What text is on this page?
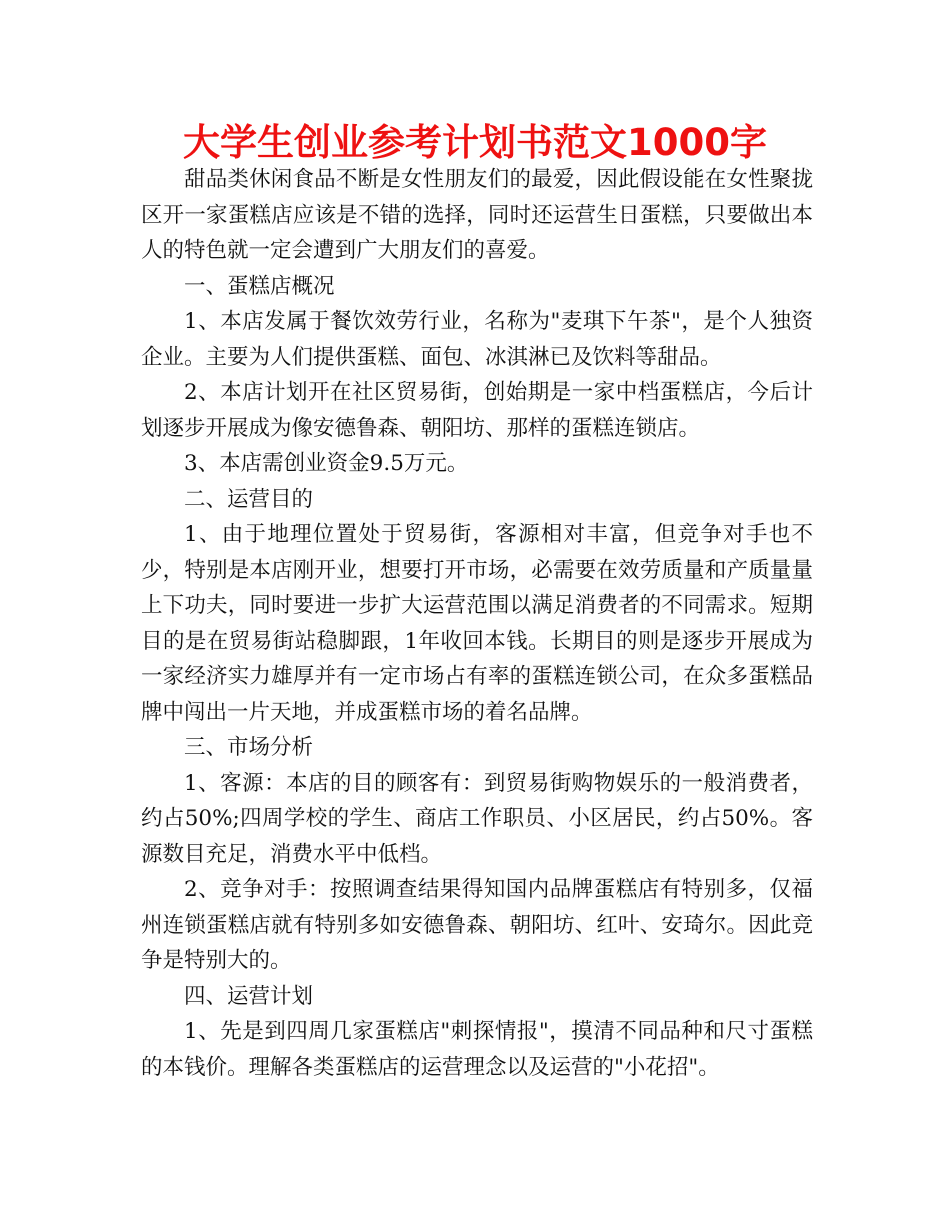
大学生创业参考计划书范文1000字

甜品类休闲食品不断是女性朋友们的最爱，因此假设能在女性聚拢区开一家蛋糕店应该是不错的选择，同时还运营生日蛋糕，只要做出本人的特色就一定会遭到广大朋友们的喜爱。

一、蛋糕店概况

1、本店发属于餐饮效劳行业，名称为"麦琪下午茶"，是个人独资企业。主要为人们提供蛋糕、面包、冰淇淋已及饮料等甜品。

2、本店计划开在社区贸易街，创始期是一家中档蛋糕店，今后计划逐步开展成为像安德鲁森、朝阳坊、那样的蛋糕连锁店。

3、本店需创业资金9.5万元。

二、运营目的

1、由于地理位置处于贸易街，客源相对丰富，但竞争对手也不少，特别是本店刚开业，想要打开市场，必需要在效劳质量和产质量量上下功夫，同时要进一步扩大运营范围以满足消费者的不同需求。短期目的是在贸易街站稳脚跟，1年收回本钱。长期目的则是逐步开展成为一家经济实力雄厚并有一定市场占有率的蛋糕连锁公司，在众多蛋糕品牌中闯出一片天地，并成蛋糕市场的着名品牌。

三、市场分析

1、客源：本店的目的顾客有：到贸易街购物娱乐的一般消费者，约占50%;四周学校的学生、商店工作职员、小区居民，约占50%。客源数目充足，消费水平中低档。

2、竞争对手：按照调查结果得知国内品牌蛋糕店有特别多，仅福州连锁蛋糕店就有特别多如安德鲁森、朝阳坊、红叶、安琦尔。因此竞争是特别大的。

四、运营计划

1、先是到四周几家蛋糕店"刺探情报"，摸清不同品种和尺寸蛋糕的本钱价。理解各类蛋糕店的运营理念以及运营的"小花招"。
